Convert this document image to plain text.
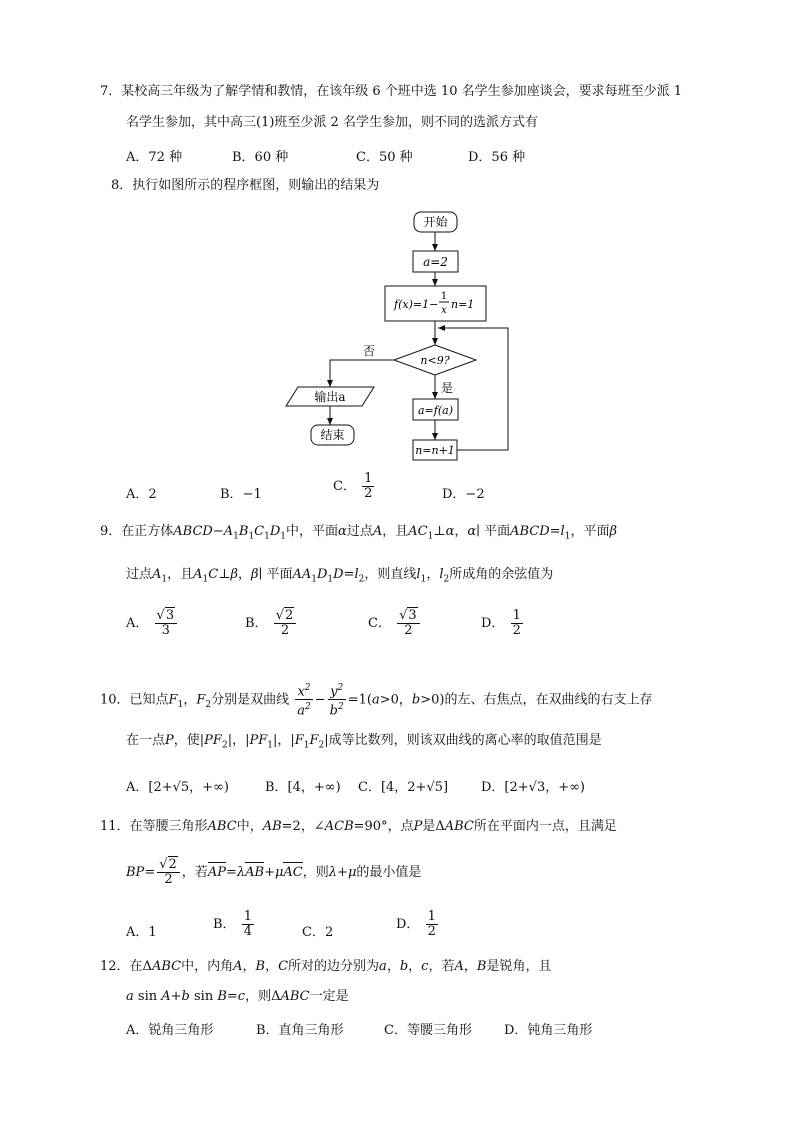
7．某校高三年级为了解学情和教情，在该年级 6 个班中选 10 名学生参加座谈会，要求每班至少派 1
名学生参加，其中高三(1)班至少派 2 名学生参加，则不同的选派方式有
A．72 种	B．60 种	C．50 种	D．56 种
8．执行如图所示的程序框图，则输出的结果为
开始
a=2
f(x)=1−
1
x n=1
n<9?
否
输出a
结束
是
a=f(a)
n=n+1
A．2	B．−1
C． $\frac{1}{2}$	D．−2
9．在正方体$ABCD-A_1B_1C_1D_1$中，平面α过点A，且$AC_1\perp\alpha$，α∣ 平面$ABCD=l_1$，平面β
过点$A_1$，且$A_1C\perp\beta$，β∣ 平面$AA_1D_1D=l_2$，则直线$l_1$，$l_2$所成角的余弦值为
A． $\frac{√3}{3}$	B． $\frac{√2}{2}$	C． $\frac{√3}{2}$	D． $\frac{1}{2}$
10．已知点$F_1$，$F_2$分别是双曲线 $\frac{x^2}{a^2} - \frac{y^2}{b^2} =1(a>0$，b>0)的左、右焦点，在双曲线的右支上存
在一点P，使$|PF_2|$，$|PF_1|$，$|F_1F_2|$成等比数列，则该双曲线的离心率的取值范围是
A．[2+√5，+∞)	B．[4，+∞) C．[4，2+√5]	D．[2+√3，+∞)
11．在等腰三角形ABC中，AB=2，∠ACB=90°，点P是ΔABC所在平面内一点，且满足
$BP= \frac{√2}{2}$ ，若AP=λAB+μAC，则λ+μ的最小值是
A．1
B． $\frac{1}{4}$	C．2
D． $\frac{1}{2}$
12．在ΔABC中，内角A，B，C所对的边分别为a，b，c，若A，B是锐角，且
a sin A+b sin B=c，则ΔABC一定是
A．锐角三角形	B．直角三角形	C．等腰三角形 D．钝角三角形
